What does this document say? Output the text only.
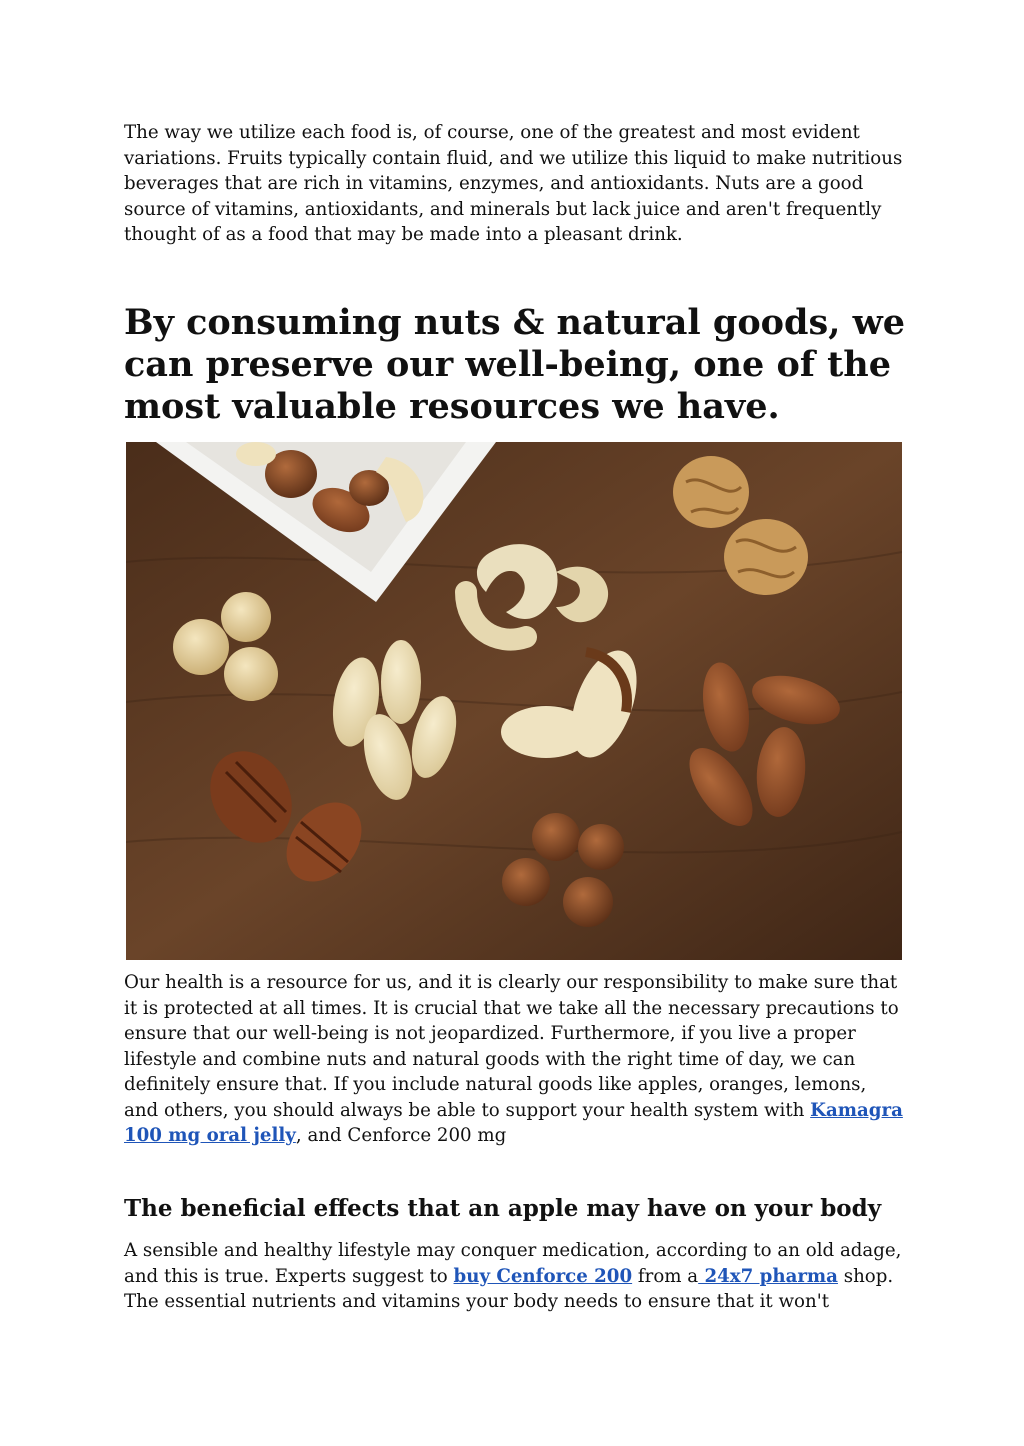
The way we utilize each food is, of course, one of the greatest and most evident variations. Fruits typically contain fluid, and we utilize this liquid to make nutritious beverages that are rich in vitamins, enzymes, and antioxidants. Nuts are a good source of vitamins, antioxidants, and minerals but lack juice and aren't frequently thought of as a food that may be made into a pleasant drink.

By consuming nuts & natural goods, we can preserve our well-being, one of the most valuable resources we have.

Our health is a resource for us, and it is clearly our responsibility to make sure that it is protected at all times. It is crucial that we take all the necessary precautions to ensure that our well-being is not jeopardized. Furthermore, if you live a proper lifestyle and combine nuts and natural goods with the right time of day, we can definitely ensure that. If you include natural goods like apples, oranges, lemons, and others, you should always be able to support your health system with Kamagra 100 mg oral jelly, and Cenforce 200 mg

The beneficial effects that an apple may have on your body

A sensible and healthy lifestyle may conquer medication, according to an old adage, and this is true. Experts suggest to buy Cenforce 200 from a 24x7 pharma shop. The essential nutrients and vitamins your body needs to ensure that it won't
